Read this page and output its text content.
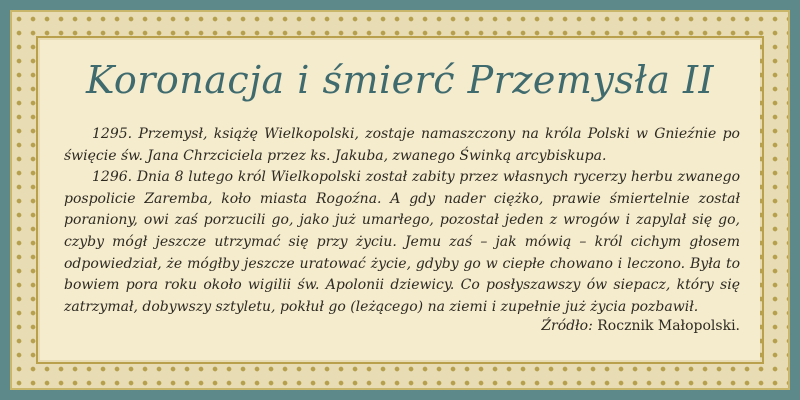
Koronacja i śmierć Przemysła II

1295. Przemysł, książę Wielkopolski, zostaje namaszczony na króla Polski w Gnieźnie po święcie św. Jana Chrzciciela przez ks. Jakuba, zwanego Świnką arcybiskupa.

1296. Dnia 8 lutego król Wielkopolski został zabity przez własnych rycerzy herbu zwanego pospolicie Zaremba, koło miasta Rogoźna. A gdy nader ciężko, prawie śmiertelnie został poraniony, owi zaś porzucili go, jako już umarłego, pozostał jeden z wrogów i zapylał się go, czyby mógł jeszcze utrzymać się przy życiu. Jemu zaś – jak mówią – król cichym głosem odpowiedział, że mógłby jeszcze uratować życie, gdyby go w ciepłe chowano i leczono. Była to bowiem pora roku około wigilii św. Apolonii dziewicy. Co posłyszawszy ów siepacz, który się zatrzymał, dobywszy sztyletu, pokłuł go (leżącego) na ziemi i zupełnie już życia pozbawił.

Źródło: Rocznik Małopolski.
